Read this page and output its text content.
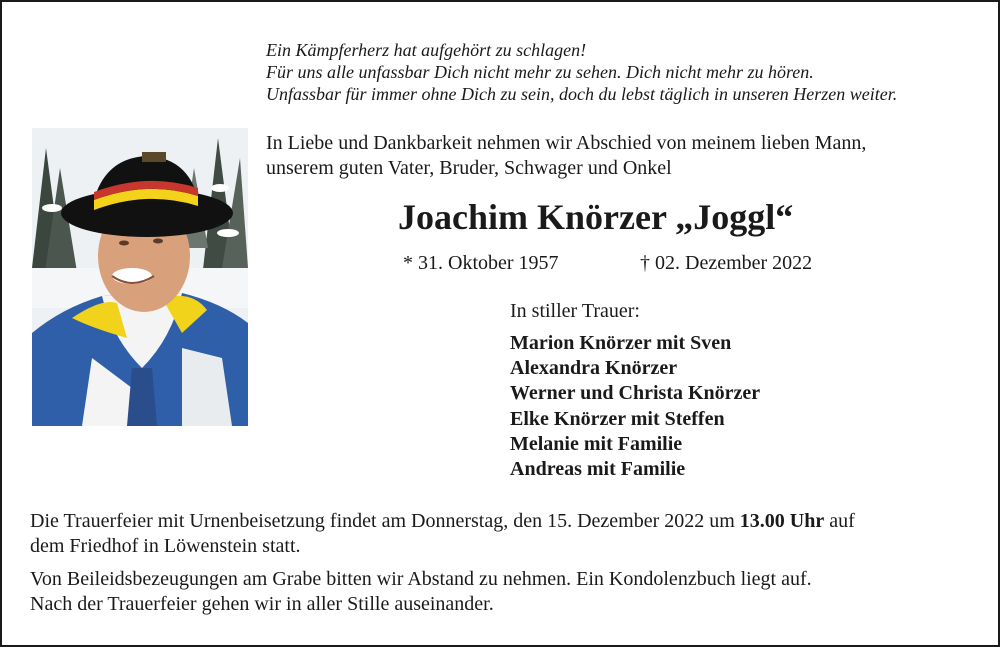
Ein Kämpferherz hat aufgehört zu schlagen!
Für uns alle unfassbar Dich nicht mehr zu sehen. Dich nicht mehr zu hören.
Unfassbar für immer ohne Dich zu sein, doch du lebst täglich in unseren Herzen weiter.
In Liebe und Dankbarkeit nehmen wir Abschied von meinem lieben Mann,
unserem guten Vater, Bruder, Schwager und Onkel
Joachim Knörzer „Joggl“
* 31. Oktober 1957	† 02. Dezember 2022
In stiller Trauer:
Marion Knörzer mit Sven
Alexandra Knörzer
Werner und Christa Knörzer
Elke Knörzer mit Steffen
Melanie mit Familie
Andreas mit Familie
Die Trauerfeier mit Urnenbeisetzung findet am Donnerstag, den 15. Dezember 2022 um 13.00 Uhr auf
dem Friedhof in Löwenstein statt.
Von Beileidsbezeugungen am Grabe bitten wir Abstand zu nehmen. Ein Kondolenzbuch liegt auf.
Nach der Trauerfeier gehen wir in aller Stille auseinander.
